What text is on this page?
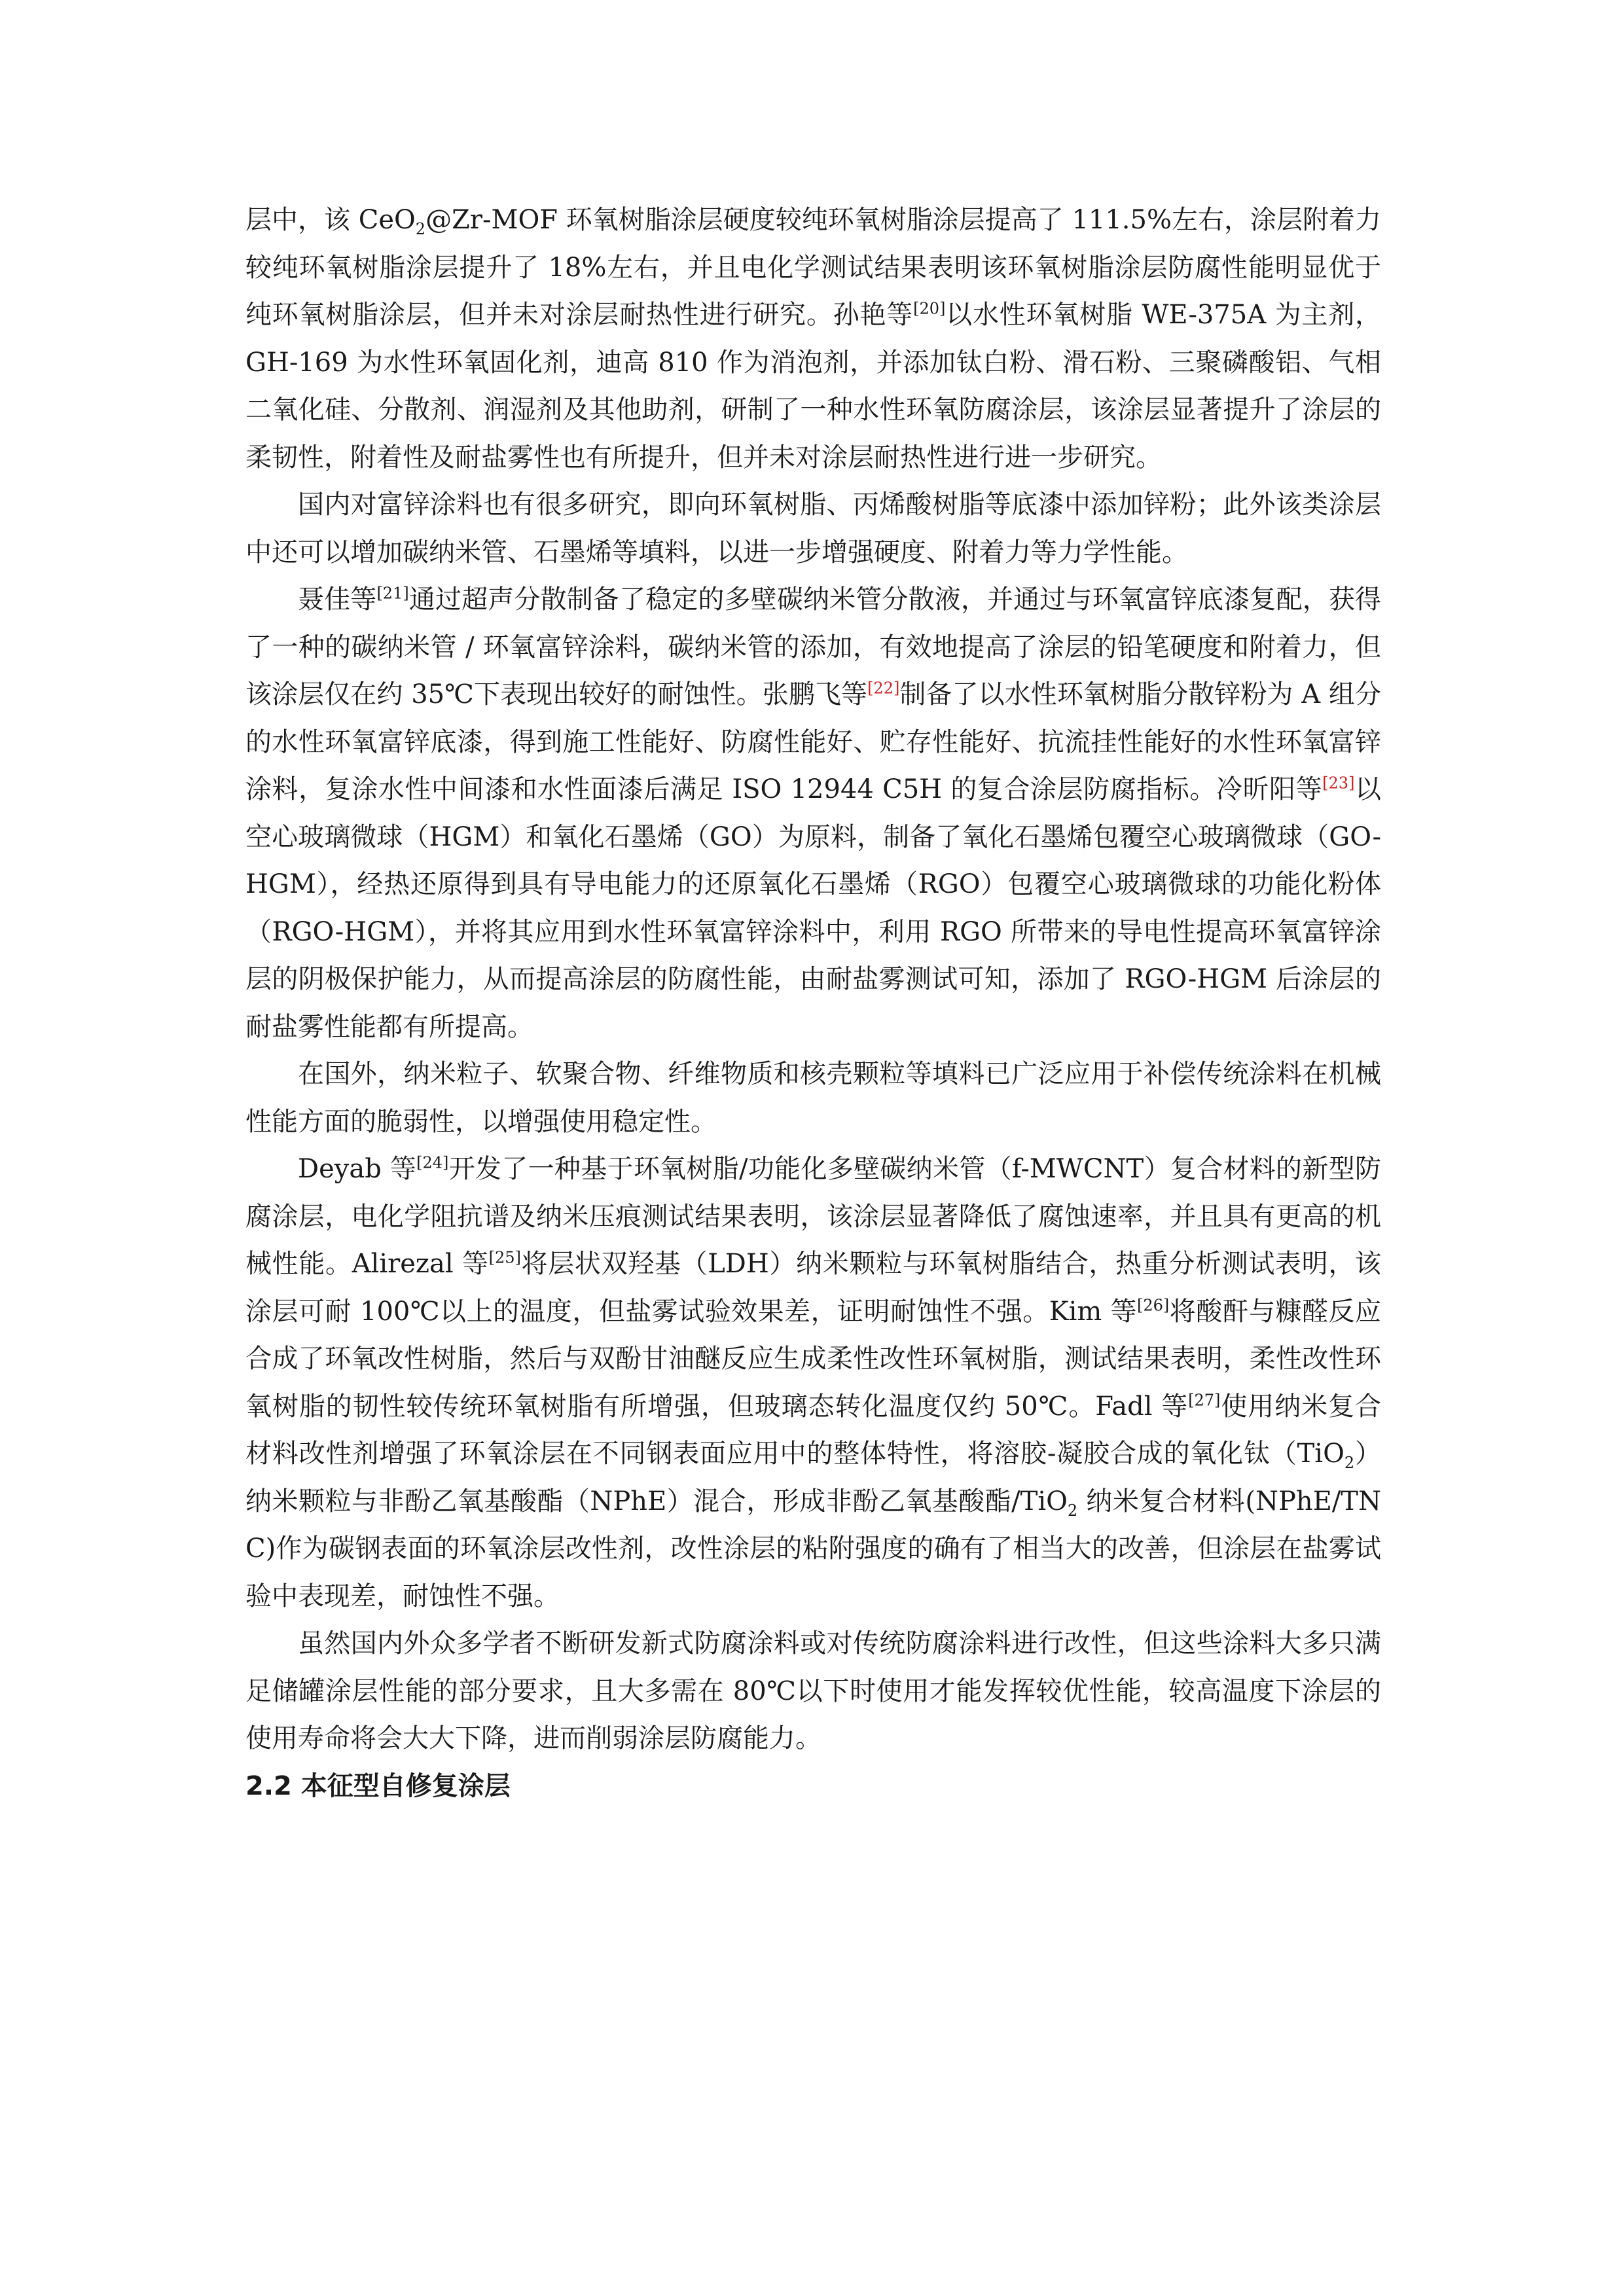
层中，该 CeO$_2$@Zr-MOF 环氧树脂涂层硬度较纯环氧树脂涂层提高了 111.5%左右，涂层附着力较纯环氧树脂涂层提升了 18%左右，并且电化学测试结果表明该环氧树脂涂层防腐性能明显优于纯环氧树脂涂层，但并未对涂层耐热性进行研究。孙艳等[20]以水性环氧树脂 WE-375A 为主剂，GH-169 为水性环氧固化剂，迪高 810 作为消泡剂，并添加钛白粉、滑石粉、三聚磷酸铝、气相二氧化硅、分散剂、润湿剂及其他助剂，研制了一种水性环氧防腐涂层，该涂层显著提升了涂层的柔韧性，附着性及耐盐雾性也有所提升，但并未对涂层耐热性进行进一步研究。

国内对富锌涂料也有很多研究，即向环氧树脂、丙烯酸树脂等底漆中添加锌粉；此外该类涂层中还可以增加碳纳米管、石墨烯等填料，以进一步增强硬度、附着力等力学性能。

聂佳等[21]通过超声分散制备了稳定的多壁碳纳米管分散液，并通过与环氧富锌底漆复配，获得了一种的碳纳米管 / 环氧富锌涂料，碳纳米管的添加，有效地提高了涂层的铅笔硬度和附着力，但该涂层仅在约 35℃下表现出较好的耐蚀性。张鹏飞等[22]制备了以水性环氧树脂分散锌粉为 A 组分的水性环氧富锌底漆，得到施工性能好、防腐性能好、贮存性能好、抗流挂性能好的水性环氧富锌涂料，复涂水性中间漆和水性面漆后满足 ISO 12944 C5H 的复合涂层防腐指标。冷昕阳等[23]以空心玻璃微球（HGM）和氧化石墨烯（GO）为原料，制备了氧化石墨烯包覆空心玻璃微球（GO-HGM），经热还原得到具有导电能力的还原氧化石墨烯（RGO）包覆空心玻璃微球的功能化粉体（RGO-HGM），并将其应用到水性环氧富锌涂料中，利用 RGO 所带来的导电性提高环氧富锌涂层的阴极保护能力，从而提高涂层的防腐性能，由耐盐雾测试可知，添加了 RGO-HGM 后涂层的耐盐雾性能都有所提高。

在国外，纳米粒子、软聚合物、纤维物质和核壳颗粒等填料已广泛应用于补偿传统涂料在机械性能方面的脆弱性，以增强使用稳定性。

Deyab 等[24]开发了一种基于环氧树脂/功能化多壁碳纳米管（f-MWCNT）复合材料的新型防腐涂层，电化学阻抗谱及纳米压痕测试结果表明，该涂层显著降低了腐蚀速率，并且具有更高的机械性能。Alirezal 等[25]将层状双羟基（LDH）纳米颗粒与环氧树脂结合，热重分析测试表明，该涂层可耐 100℃以上的温度，但盐雾试验效果差，证明耐蚀性不强。Kim 等[26]将酸酐与糠醛反应合成了环氧改性树脂，然后与双酚甘油醚反应生成柔性改性环氧树脂，测试结果表明，柔性改性环氧树脂的韧性较传统环氧树脂有所增强，但玻璃态转化温度仅约 50℃。Fadl 等[27]使用纳米复合材料改性剂增强了环氧涂层在不同钢表面应用中的整体特性，将溶胶-凝胶合成的氧化钛（TiO$_2$）纳米颗粒与非酚乙氧基酸酯（NPhE）混合，形成非酚乙氧基酸酯/TiO$_2$ 纳米复合材料(NPhE/TNC)作为碳钢表面的环氧涂层改性剂，改性涂层的粘附强度的确有了相当大的改善，但涂层在盐雾试验中表现差，耐蚀性不强。

虽然国内外众多学者不断研发新式防腐涂料或对传统防腐涂料进行改性，但这些涂料大多只满足储罐涂层性能的部分要求，且大多需在 80℃以下时使用才能发挥较优性能，较高温度下涂层的使用寿命将会大大下降，进而削弱涂层防腐能力。

2.2 本征型自修复涂层
